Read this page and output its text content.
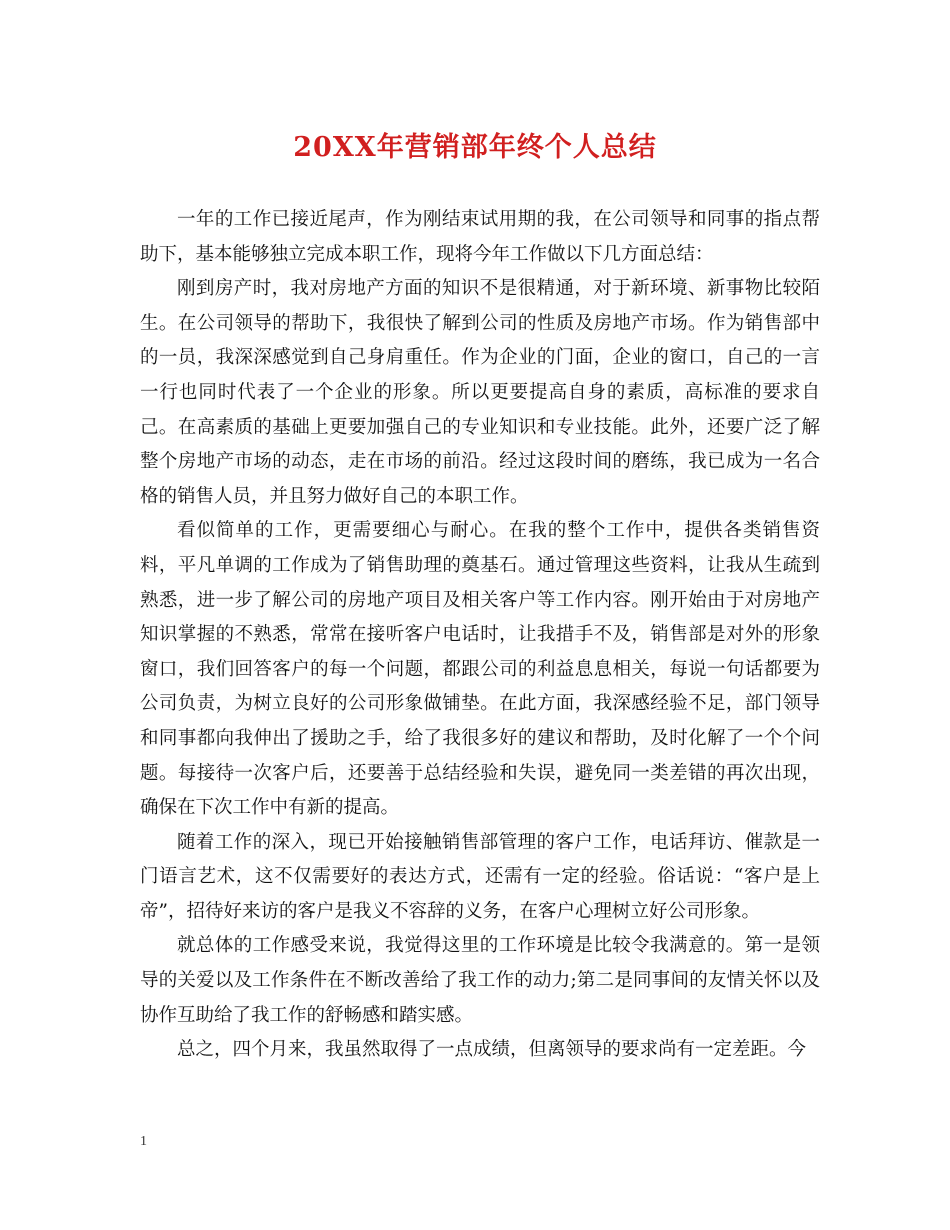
20XX年营销部年终个人总结

一年的工作已接近尾声，作为刚结束试用期的我，在公司领导和同事的指点帮助下，基本能够独立完成本职工作，现将今年工作做以下几方面总结：

刚到房产时，我对房地产方面的知识不是很精通，对于新环境、新事物比较陌生。在公司领导的帮助下，我很快了解到公司的性质及房地产市场。作为销售部中的一员，我深深感觉到自己身肩重任。作为企业的门面，企业的窗口，自己的一言一行也同时代表了一个企业的形象。所以更要提高自身的素质，高标准的要求自己。在高素质的基础上更要加强自己的专业知识和专业技能。此外，还要广泛了解整个房地产市场的动态，走在市场的前沿。经过这段时间的磨练，我已成为一名合格的销售人员，并且努力做好自己的本职工作。

看似简单的工作，更需要细心与耐心。在我的整个工作中，提供各类销售资料，平凡单调的工作成为了销售助理的奠基石。通过管理这些资料，让我从生疏到熟悉，进一步了解公司的房地产项目及相关客户等工作内容。刚开始由于对房地产知识掌握的不熟悉，常常在接听客户电话时，让我措手不及，销售部是对外的形象窗口，我们回答客户的每一个问题，都跟公司的利益息息相关，每说一句话都要为公司负责，为树立良好的公司形象做铺垫。在此方面，我深感经验不足，部门领导和同事都向我伸出了援助之手，给了我很多好的建议和帮助，及时化解了一个个问题。每接待一次客户后，还要善于总结经验和失误，避免同一类差错的再次出现，确保在下次工作中有新的提高。

随着工作的深入，现已开始接触销售部管理的客户工作，电话拜访、催款是一门语言艺术，这不仅需要好的表达方式，还需有一定的经验。俗话说：“客户是上帝”，招待好来访的客户是我义不容辞的义务，在客户心理树立好公司形象。

就总体的工作感受来说，我觉得这里的工作环境是比较令我满意的。第一是领导的关爱以及工作条件在不断改善给了我工作的动力;第二是同事间的友情关怀以及协作互助给了我工作的舒畅感和踏实感。

总之，四个月来，我虽然取得了一点成绩，但离领导的要求尚有一定差距。今

1
